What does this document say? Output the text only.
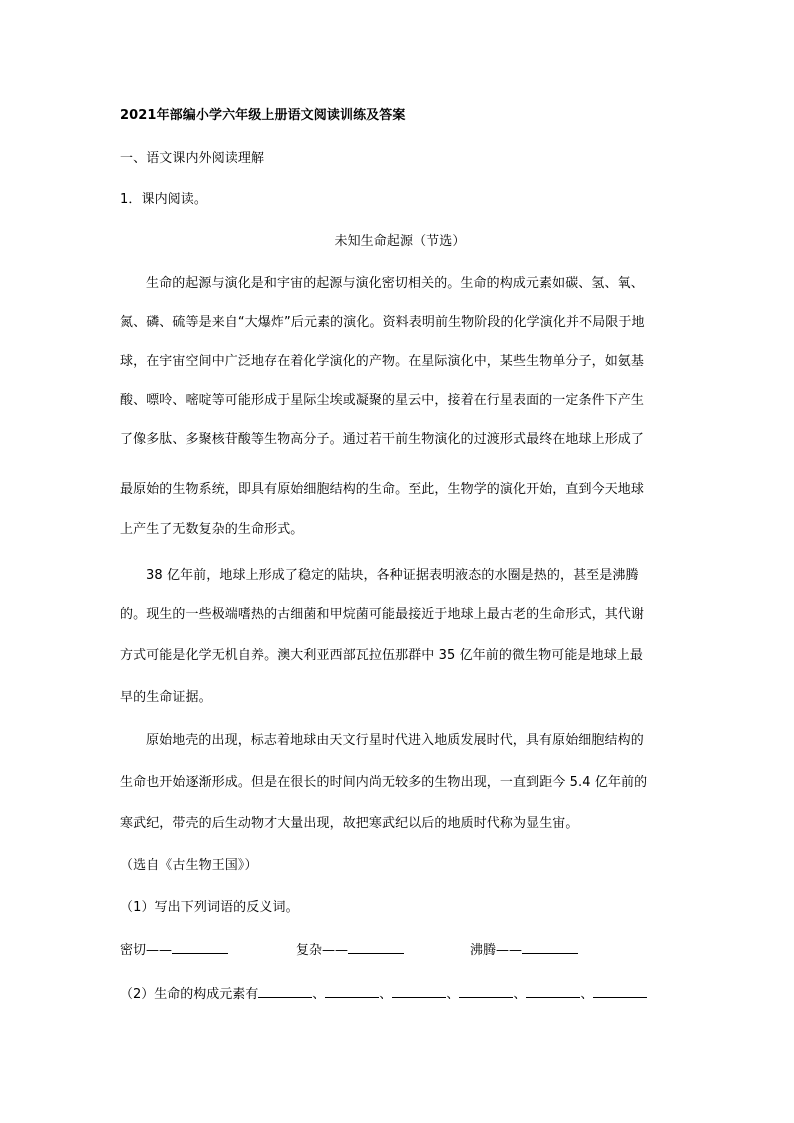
2021年部编小学六年级上册语文阅读训练及答案
一、语文课内外阅读理解
1．课内阅读。
未知生命起源（节选）
生命的起源与演化是和宇宙的起源与演化密切相关的。生命的构成元素如碳、氢、氧、
氮、磷、硫等是来自“大爆炸”后元素的演化。资料表明前生物阶段的化学演化并不局限于地
球，在宇宙空间中广泛地存在着化学演化的产物。在星际演化中，某些生物单分子，如氨基
酸、嘌呤、嘧啶等可能形成于星际尘埃或凝聚的星云中，接着在行星表面的一定条件下产生
了像多肽、多聚核苷酸等生物高分子。通过若干前生物演化的过渡形式最终在地球上形成了
最原始的生物系统，即具有原始细胞结构的生命。至此，生物学的演化开始，直到今天地球
上产生了无数复杂的生命形式。
38 亿年前，地球上形成了稳定的陆块，各种证据表明液态的水圈是热的，甚至是沸腾
的。现生的一些极端嗜热的古细菌和甲烷菌可能最接近于地球上最古老的生命形式，其代谢
方式可能是化学无机自养。澳大利亚西部瓦拉伍那群中 35 亿年前的微生物可能是地球上最
早的生命证据。
原始地壳的出现，标志着地球由天文行星时代进入地质发展时代，具有原始细胞结构的
生命也开始逐渐形成。但是在很长的时间内尚无较多的生物出现，一直到距今 5.4 亿年前的
寒武纪，带壳的后生动物才大量出现，故把寒武纪以后的地质时代称为显生宙。
（选自《古生物王国》）
（1）写出下列词语的反义词。
密切——	复杂——	沸腾——
（2）生命的构成元素有	、	、	、	、	、
